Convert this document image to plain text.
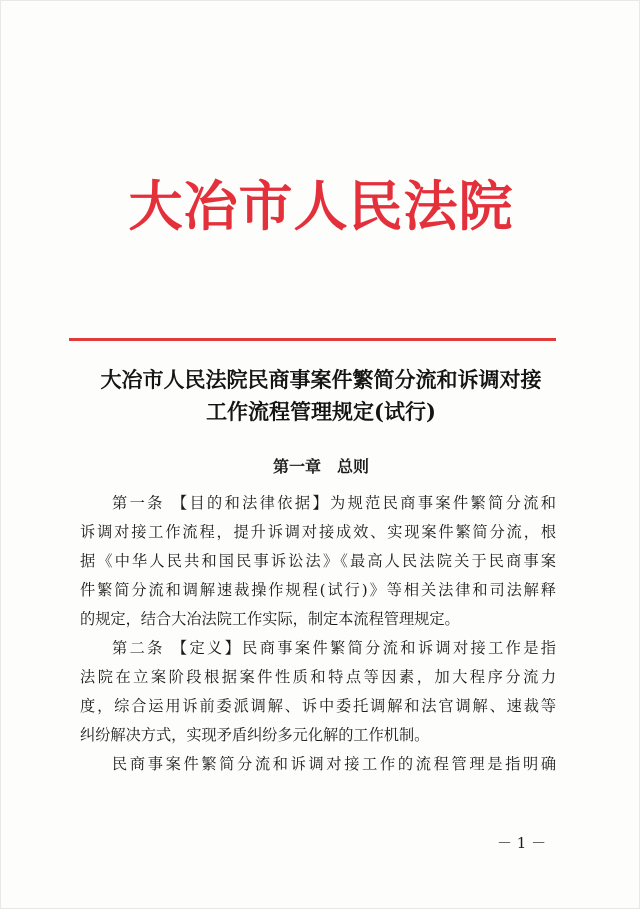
大冶市人民法院
大冶市人民法院民商事案件繁简分流和诉调对接
工作流程管理规定(试行)
第一章　总则
第一条 【目的和法律依据】为规范民商事案件繁简分流和
诉调对接工作流程，提升诉调对接成效、实现案件繁简分流，根
据《中华人民共和国民事诉讼法》《最高人民法院关于民商事案
件繁简分流和调解速裁操作规程(试行)》等相关法律和司法解释
的规定，结合大冶法院工作实际，制定本流程管理规定。
第二条 【定义】民商事案件繁简分流和诉调对接工作是指
法院在立案阶段根据案件性质和特点等因素，加大程序分流力
度，综合运用诉前委派调解、诉中委托调解和法官调解、速裁等
纠纷解决方式，实现矛盾纠纷多元化解的工作机制。
民商事案件繁简分流和诉调对接工作的流程管理是指明确
－ 1 －
